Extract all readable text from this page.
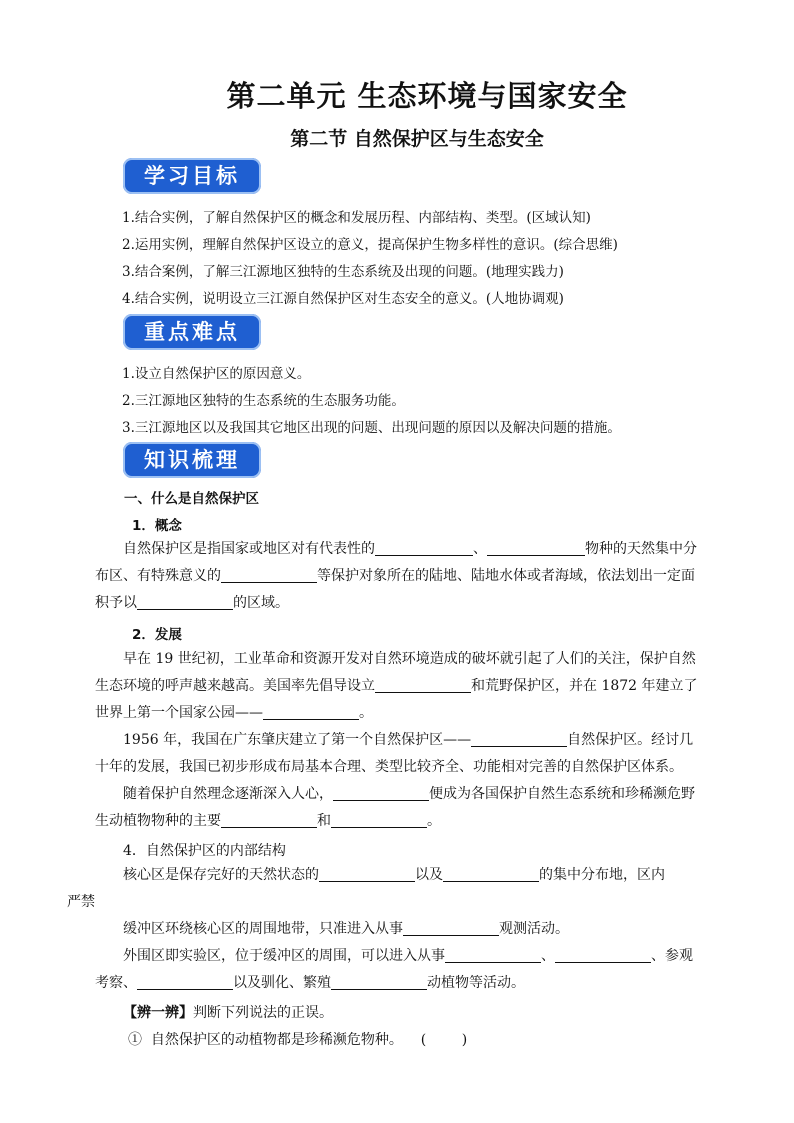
第二单元 生态环境与国家安全
第二节 自然保护区与生态安全
学习目标
1.结合实例，了解自然保护区的概念和发展历程、内部结构、类型。(区域认知)
2.运用实例，理解自然保护区设立的意义，提高保护生物多样性的意识。(综合思维)
3.结合案例，了解三江源地区独特的生态系统及出现的问题。(地理实践力)
4.结合实例，说明设立三江源自然保护区对生态安全的意义。(人地协调观)
重点难点
1.设立自然保护区的原因意义。
2.三江源地区独特的生态系统的生态服务功能。
3.三江源地区以及我国其它地区出现的问题、出现问题的原因以及解决问题的措施。
知识梳理
一、什么是自然保护区
1．概念
自然保护区是指国家或地区对有代表性的	、	物种的天然集中分布区、有特殊意义的	等保护对象所在的陆地、陆地水体或者海域，依法划出一定面积予以	的区域。
2．发展
早在 19 世纪初，工业革命和资源开发对自然环境造成的破坏就引起了人们的关注，保护自然生态环境的呼声越来越高。美国率先倡导设立	和荒野保护区，并在 1872 年建立了世界上第一个国家公园——	。
1956 年，我国在广东肇庆建立了第一个自然保护区——	自然保护区。经讨几十年的发展，我国已初步形成布局基本合理、类型比较齐全、功能相对完善的自然保护区体系。
随着保护自然理念逐渐深入人心，	便成为各国保护自然生态系统和珍稀濒危野生动植物物种的主要	和	。
4．自然保护区的内部结构
核心区是保存完好的天然状态的	以及	的集中分布地，区内
严禁
缓冲区环绕核心区的周围地带，只准进入从事	观测活动。
外围区即实验区，位于缓冲区的周围，可以进入从事	、	、参观考察、	以及驯化、繁殖	动植物等活动。
【辨一辨】判断下列说法的正误。
①  自然保护区的动植物都是珍稀濒危物种。    (        )
